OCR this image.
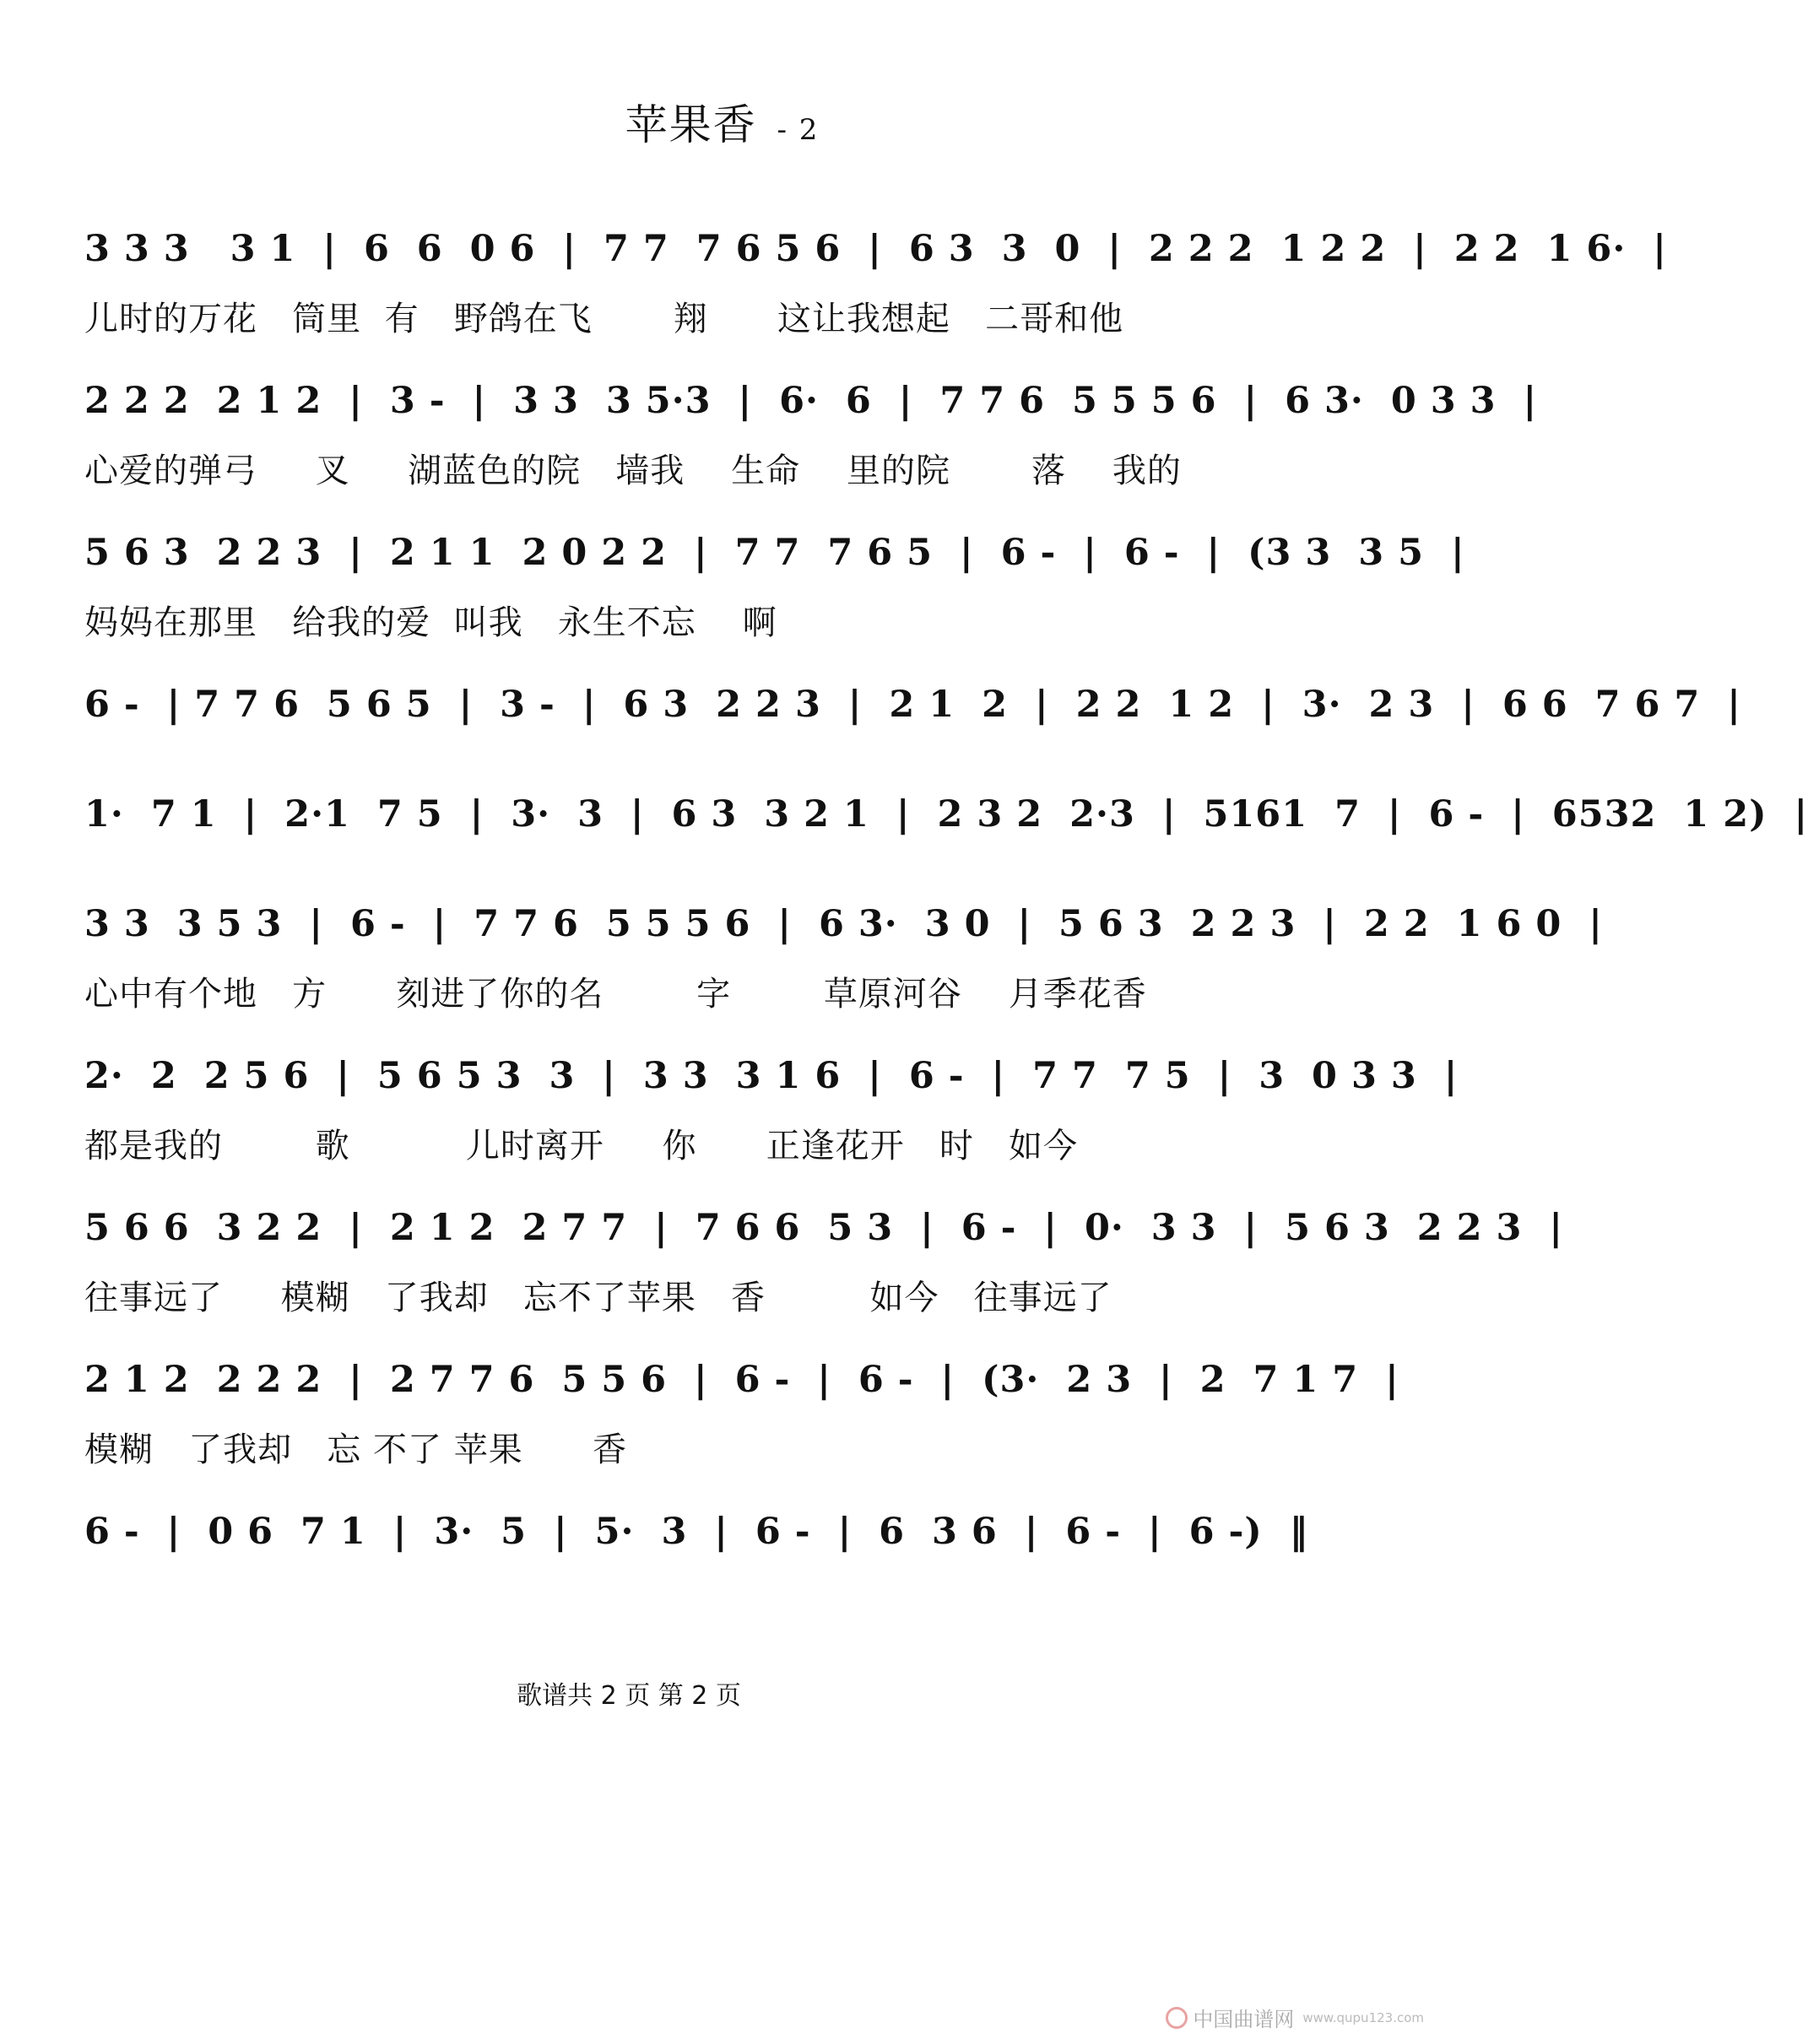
苹果香 - 2
3 3 3   3 1  |  6  6  0 6  |  7 7  7 6 5 6  |  6 3  3  0  |  2 2 2  1 2 2  |  2 2  1 6·  |
儿时的万花   筒里  有   野鸽在飞       翔      这让我想起   二哥和他
2 2 2  2 1 2  |  3 -  |  3 3  3 5·3  |  6·  6  |  7 7 6  5 5 5 6  |  6 3·  0 3 3  |
心爱的弹弓     叉     湖蓝色的院   墙我    生命    里的院       落    我的
5 6 3  2 2 3  |  2 1 1  2 0 2 2  |  7 7  7 6 5  |  6 -  |  6 -  |  (3 3  3 5  |
妈妈在那里   给我的爱  叫我   永生不忘    啊
6 -  | 7 7 6  5 6 5  |  3 -  |  6 3  2 2 3  |  2 1  2  |  2 2  1 2  |  3·  2 3  |  6 6  7 6 7  |
1·  7 1  |  2·1  7 5  |  3·  3  |  6 3  3 2 1  |  2 3 2  2·3  |  5161  7  |  6 -  |  6532  1 2)  |
3 3  3 5 3  |  6 -  |  7 7 6  5 5 5 6  |  6 3·  3 0  |  5 6 3  2 2 3  |  2 2  1 6 0  |
心中有个地   方      刻进了你的名        字        草原河谷    月季花香
2·  2  2 5 6  |  5 6 5 3  3  |  3 3  3 1 6  |  6 -  |  7 7  7 5  |  3  0 3 3  |
都是我的        歌          儿时离开     你      正逢花开   时   如今
5 6 6  3 2 2  |  2 1 2  2 7 7  |  7 6 6  5 3  |  6 -  |  0·  3 3  |  5 6 3  2 2 3  |
往事远了     模糊   了我却   忘不了苹果   香         如今   往事远了
2 1 2  2 2 2  |  2 7 7 6  5 5 6  |  6 -  |  6 -  |  (3·  2 3  |  2  7 1 7  |
模糊   了我却   忘 不了 苹果      香
6 -  |  0 6  7 1  |  3·  5  |  5·  3  |  6 -  |  6  3 6  |  6 -  |  6 -)  ‖
歌谱共 2 页 第 2 页
中国曲谱网 www.qupu123.com
